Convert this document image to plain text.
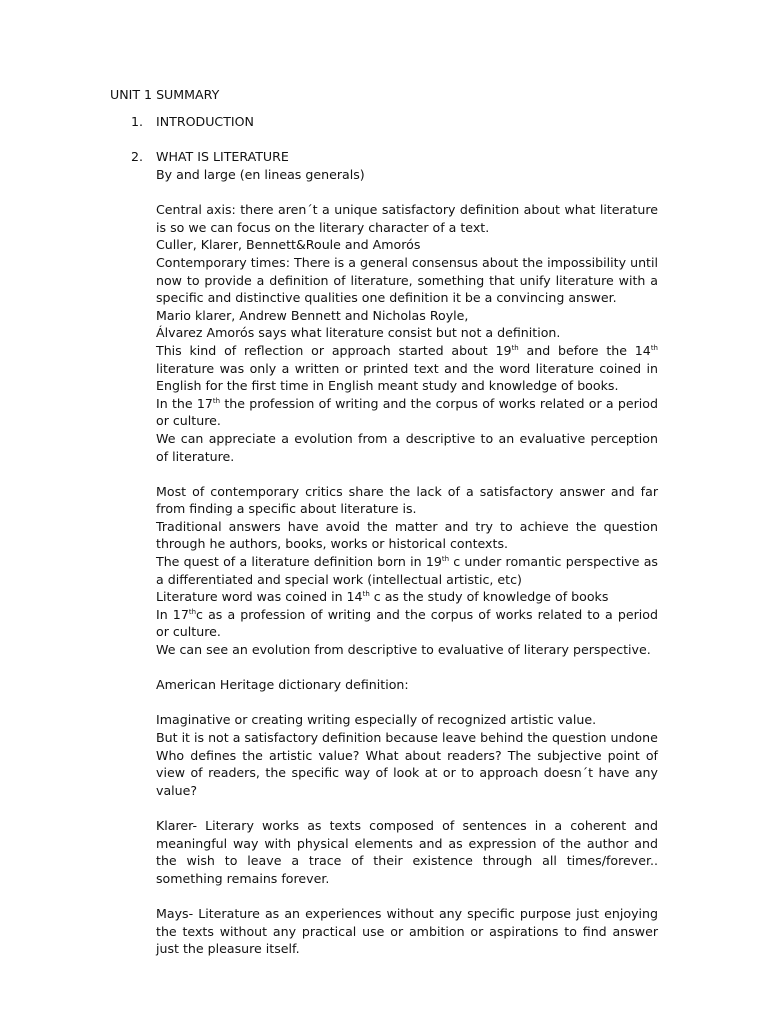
UNIT 1 SUMMARY
1. INTRODUCTION
2. WHAT IS LITERATURE

By and large (en lineas generals)

Central axis: there aren´t a unique satisfactory definition about what literature is so we can focus on the literary character of a text.

Culler, Klarer, Bennett&Roule and Amorós

Contemporary times: There is a general consensus about the impossibility until now to provide a definition of literature, something that unify literature with a specific and distinctive qualities one definition it be a convincing answer.

Mario klarer, Andrew Bennett and Nicholas Royle,

Álvarez Amorós says what literature consist but not a definition.

This kind of reflection or approach started about 19th and before the 14th literature was only a written or printed text and the word literature coined in English for the first time in English meant study and knowledge of books.

In the 17th the profession of writing and the corpus of works related or a period or culture.

We can appreciate a evolution from a descriptive to an evaluative perception of literature.

Most of contemporary critics share the lack of a satisfactory answer and far from finding a specific about literature is.

Traditional answers have avoid the matter and try to achieve the question through he authors, books, works or historical contexts.

The quest of a literature definition born in 19th c under romantic perspective as a differentiated and special work (intellectual artistic, etc)

Literature word was coined in 14th c as the study of knowledge of books

In 17thc as a profession of writing and the corpus of works related to a period or culture.

We can see an evolution from descriptive to evaluative of literary perspective.

American Heritage dictionary definition:

Imaginative or creating writing especially of recognized artistic value.

But it is not a satisfactory definition because leave behind the question undone

Who defines the artistic value? What about readers? The subjective point of view of readers, the specific way of look at or to approach doesn´t have any value?

Klarer- Literary works as texts composed of sentences in a coherent and meaningful way with physical elements and as expression of the author and the wish to leave a trace of their existence through all times/forever.. something remains forever.

Mays- Literature as an experiences without any specific purpose just enjoying the texts without any practical use or ambition or aspirations to find answer just the pleasure itself.
